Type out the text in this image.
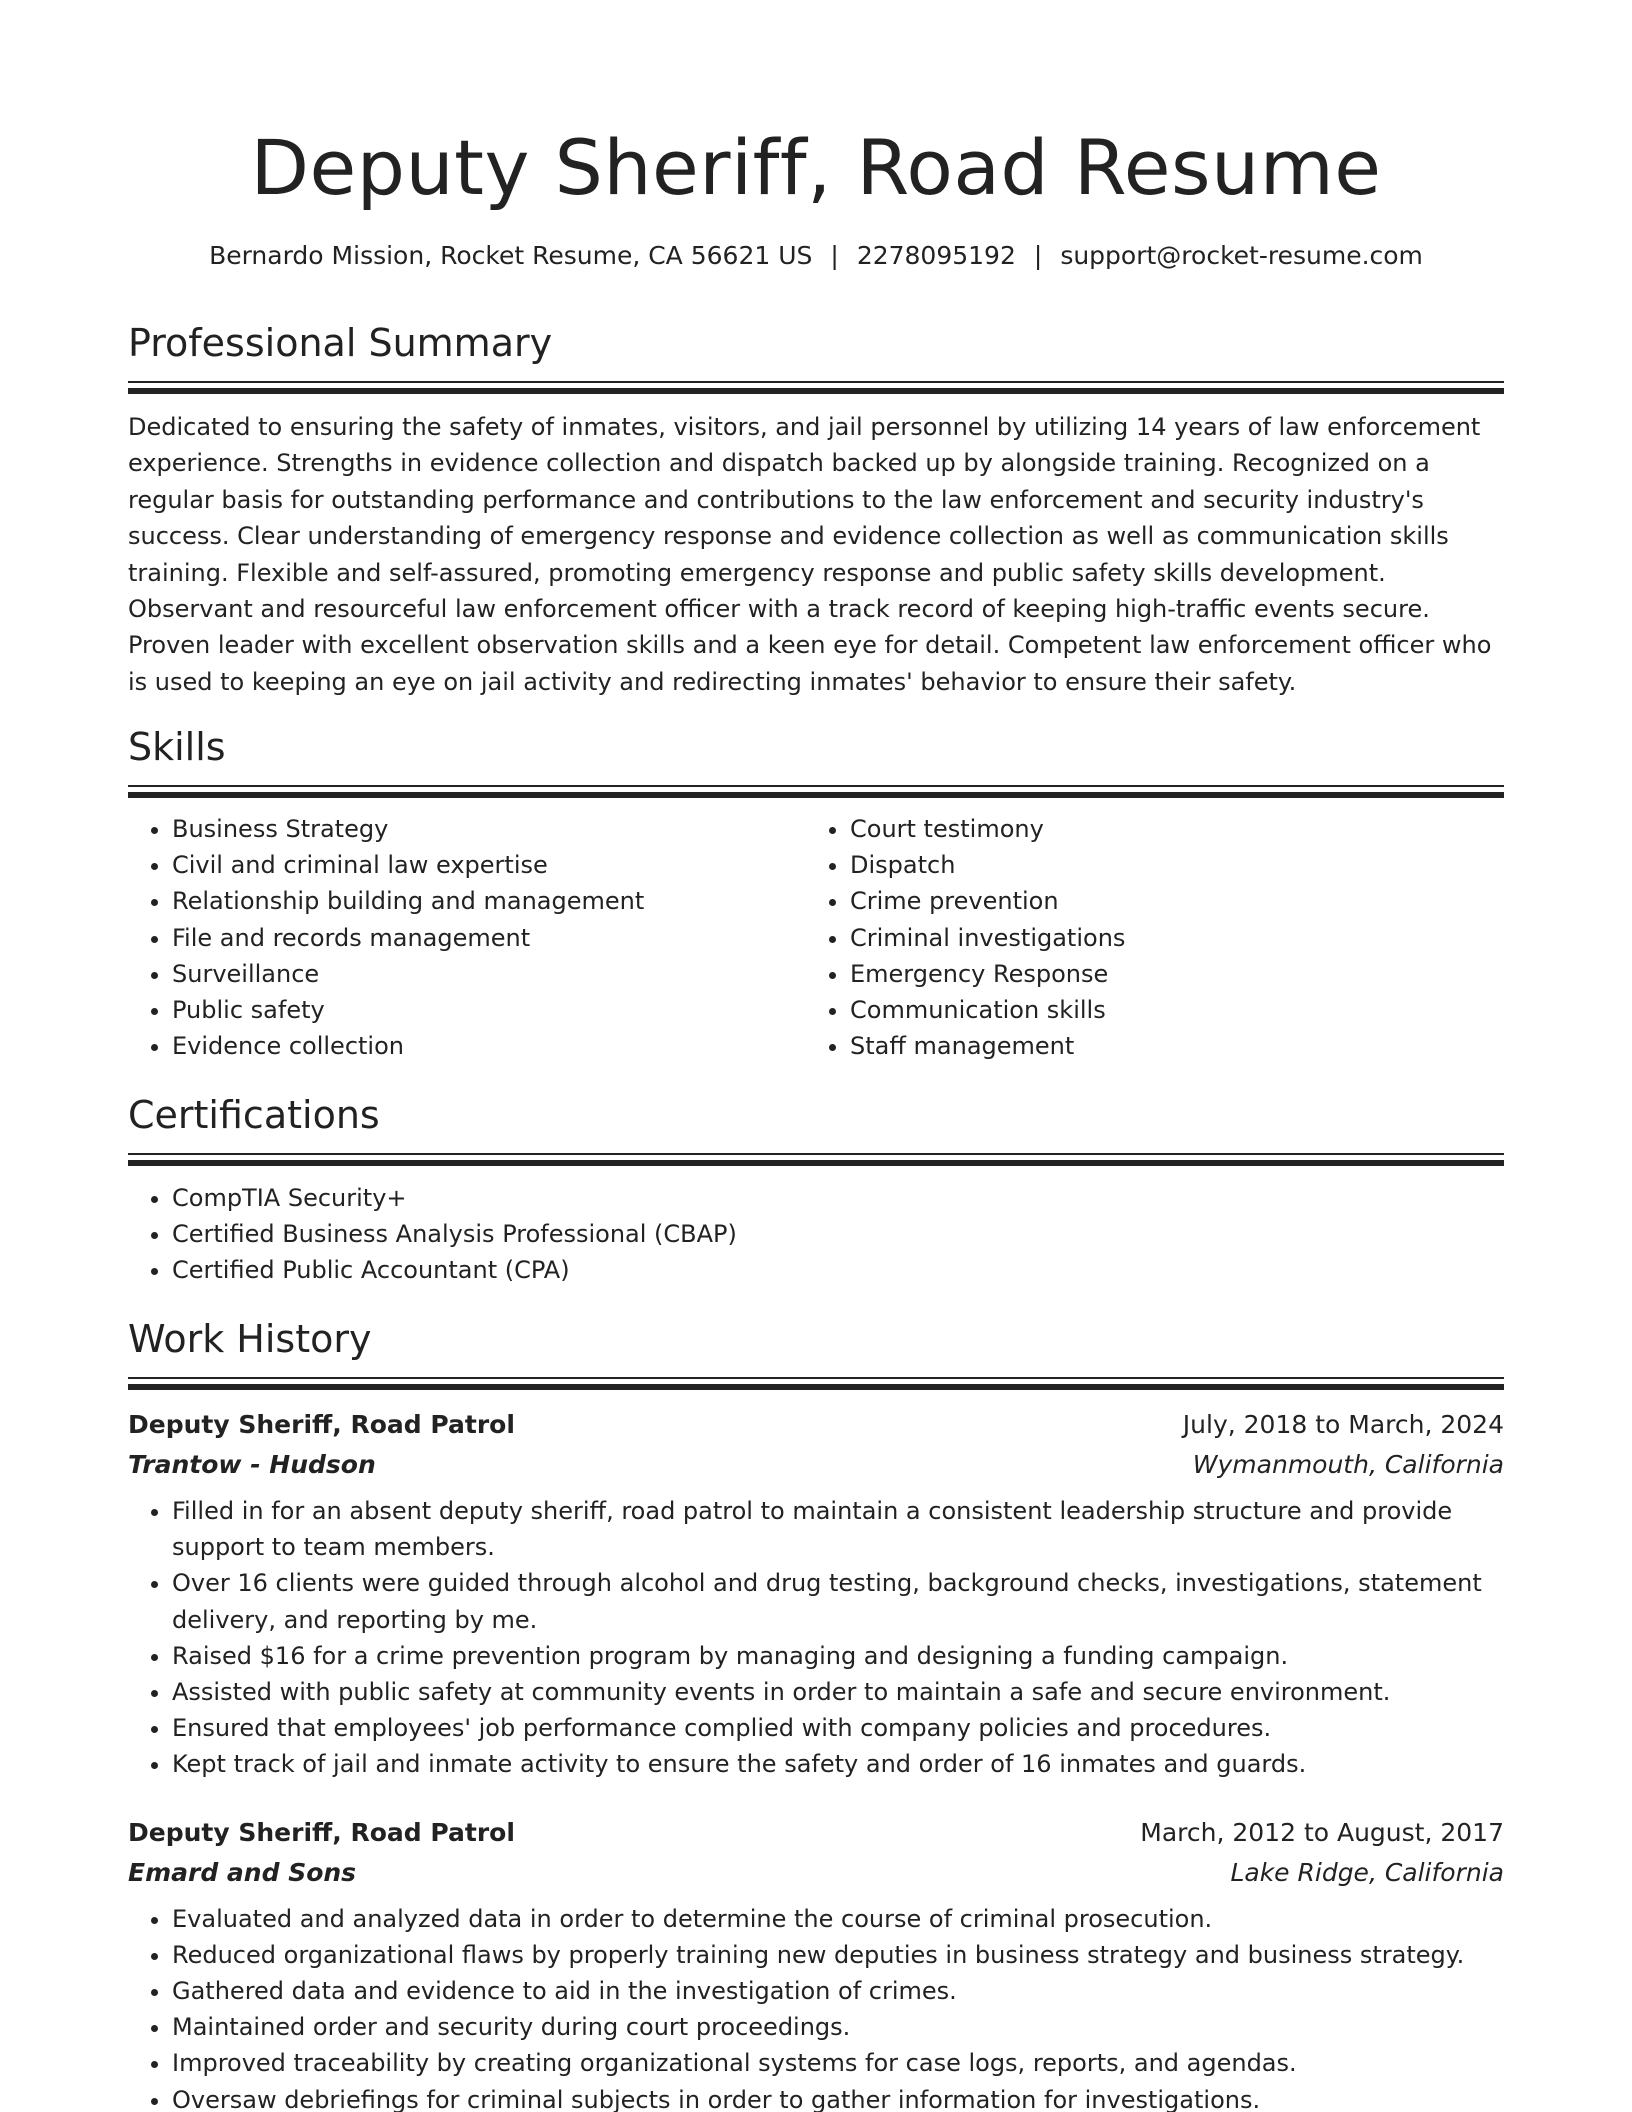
Deputy Sheriff, Road Resume
Bernardo Mission, Rocket Resume, CA 56621 US | 2278095192 | support@rocket-resume.com
Professional Summary

Dedicated to ensuring the safety of inmates, visitors, and jail personnel by utilizing 14 years of law enforcement experience. Strengths in evidence collection and dispatch backed up by alongside training. Recognized on a regular basis for outstanding performance and contributions to the law enforcement and security industry's success. Clear understanding of emergency response and evidence collection as well as communication skills training. Flexible and self-assured, promoting emergency response and public safety skills development. Observant and resourceful law enforcement officer with a track record of keeping high-traffic events secure. Proven leader with excellent observation skills and a keen eye for detail. Competent law enforcement officer who is used to keeping an eye on jail activity and redirecting inmates' behavior to ensure their safety.

Skills
• Business Strategy
• Civil and criminal law expertise
• Relationship building and management
• File and records management
• Surveillance
• Public safety
• Evidence collection
• Court testimony
• Dispatch
• Crime prevention
• Criminal investigations
• Emergency Response
• Communication skills
• Staff management
Certifications
• CompTIA Security+
• Certified Business Analysis Professional (CBAP)
• Certified Public Accountant (CPA)
Work History
Deputy Sheriff, Road Patrol	July, 2018 to March, 2024
Trantow - Hudson	Wymanmouth, California
• Filled in for an absent deputy sheriff, road patrol to maintain a consistent leadership structure and provide support to team members.
• Over 16 clients were guided through alcohol and drug testing, background checks, investigations, statement delivery, and reporting by me.
• Raised $16 for a crime prevention program by managing and designing a funding campaign.
• Assisted with public safety at community events in order to maintain a safe and secure environment.
• Ensured that employees' job performance complied with company policies and procedures.
• Kept track of jail and inmate activity to ensure the safety and order of 16 inmates and guards.
Deputy Sheriff, Road Patrol	March, 2012 to August, 2017
Emard and Sons	Lake Ridge, California
• Evaluated and analyzed data in order to determine the course of criminal prosecution.
• Reduced organizational flaws by properly training new deputies in business strategy and business strategy.
• Gathered data and evidence to aid in the investigation of crimes.
• Maintained order and security during court proceedings.
• Improved traceability by creating organizational systems for case logs, reports, and agendas.
• Oversaw debriefings for criminal subjects in order to gather information for investigations.
